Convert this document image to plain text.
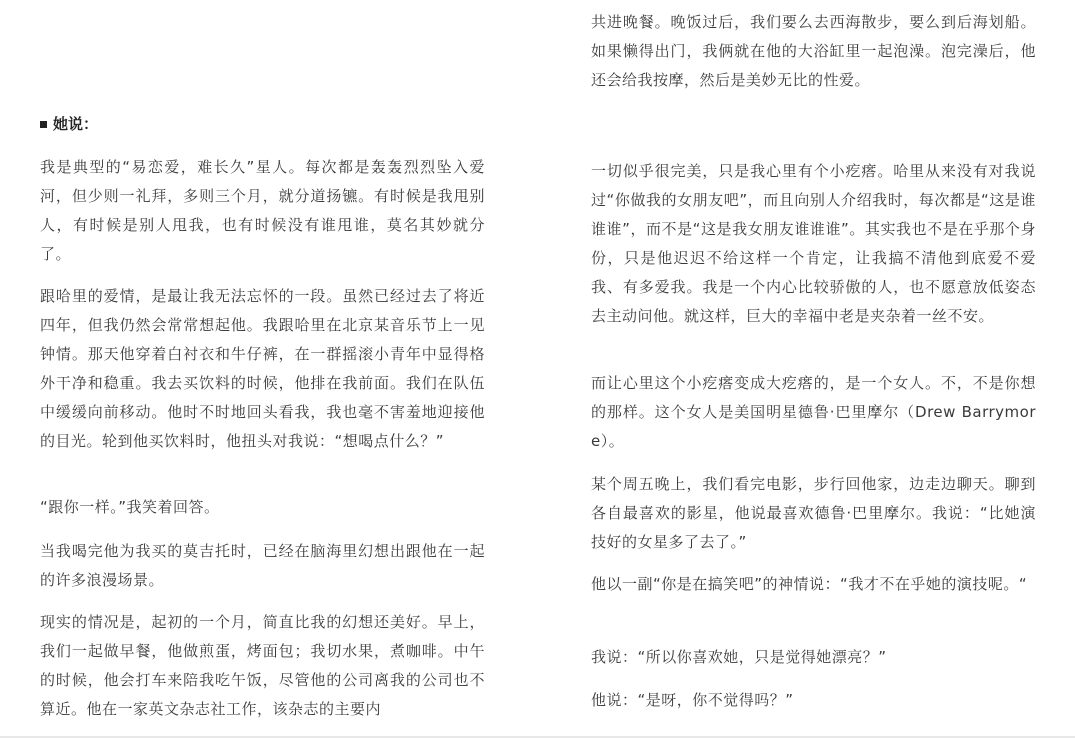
她说：

我是典型的“易恋爱，难长久”星人。每次都是轰轰烈烈坠入爱河，但少则一礼拜，多则三个月，就分道扬镳。有时候是我甩别人，有时候是别人甩我，也有时候没有谁甩谁，莫名其妙就分了。

跟哈里的爱情，是最让我无法忘怀的一段。虽然已经过去了将近四年，但我仍然会常常想起他。我跟哈里在北京某音乐节上一见钟情。那天他穿着白衬衣和牛仔裤，在一群摇滚小青年中显得格外干净和稳重。我去买饮料的时候，他排在我前面。我们在队伍中缓缓向前移动。他时不时地回头看我，我也毫不害羞地迎接他的目光。轮到他买饮料时，他扭头对我说：“想喝点什么？”

“跟你一样。”我笑着回答。

当我喝完他为我买的莫吉托时，已经在脑海里幻想出跟他在一起的许多浪漫场景。

现实的情况是，起初的一个月，简直比我的幻想还美好。早上，我们一起做早餐，他做煎蛋，烤面包；我切水果，煮咖啡。中午的时候，他会打车来陪我吃午饭，尽管他的公司离我的公司也不算近。他在一家英文杂志社工作，该杂志的主要内

共进晚餐。晚饭过后，我们要么去西海散步，要么到后海划船。如果懒得出门，我俩就在他的大浴缸里一起泡澡。泡完澡后，他还会给我按摩，然后是美妙无比的性爱。

一切似乎很完美，只是我心里有个小疙瘩。哈里从来没有对我说过“你做我的女朋友吧”，而且向别人介绍我时，每次都是“这是谁谁谁”，而不是“这是我女朋友谁谁谁”。其实我也不是在乎那个身份，只是他迟迟不给这样一个肯定，让我搞不清他到底爱不爱我、有多爱我。我是一个内心比较骄傲的人，也不愿意放低姿态去主动问他。就这样，巨大的幸福中老是夹杂着一丝不安。

而让心里这个小疙瘩变成大疙瘩的，是一个女人。不，不是你想的那样。这个女人是美国明星德鲁·巴里摩尔（Drew Barrymore）。

某个周五晚上，我们看完电影，步行回他家，边走边聊天。聊到各自最喜欢的影星，他说最喜欢德鲁·巴里摩尔。我说：“比她演技好的女星多了去了。”

他以一副“你是在搞笑吧”的神情说：“我才不在乎她的演技呢。“

我说：“所以你喜欢她，只是觉得她漂亮？”

他说：“是呀，你不觉得吗？”
